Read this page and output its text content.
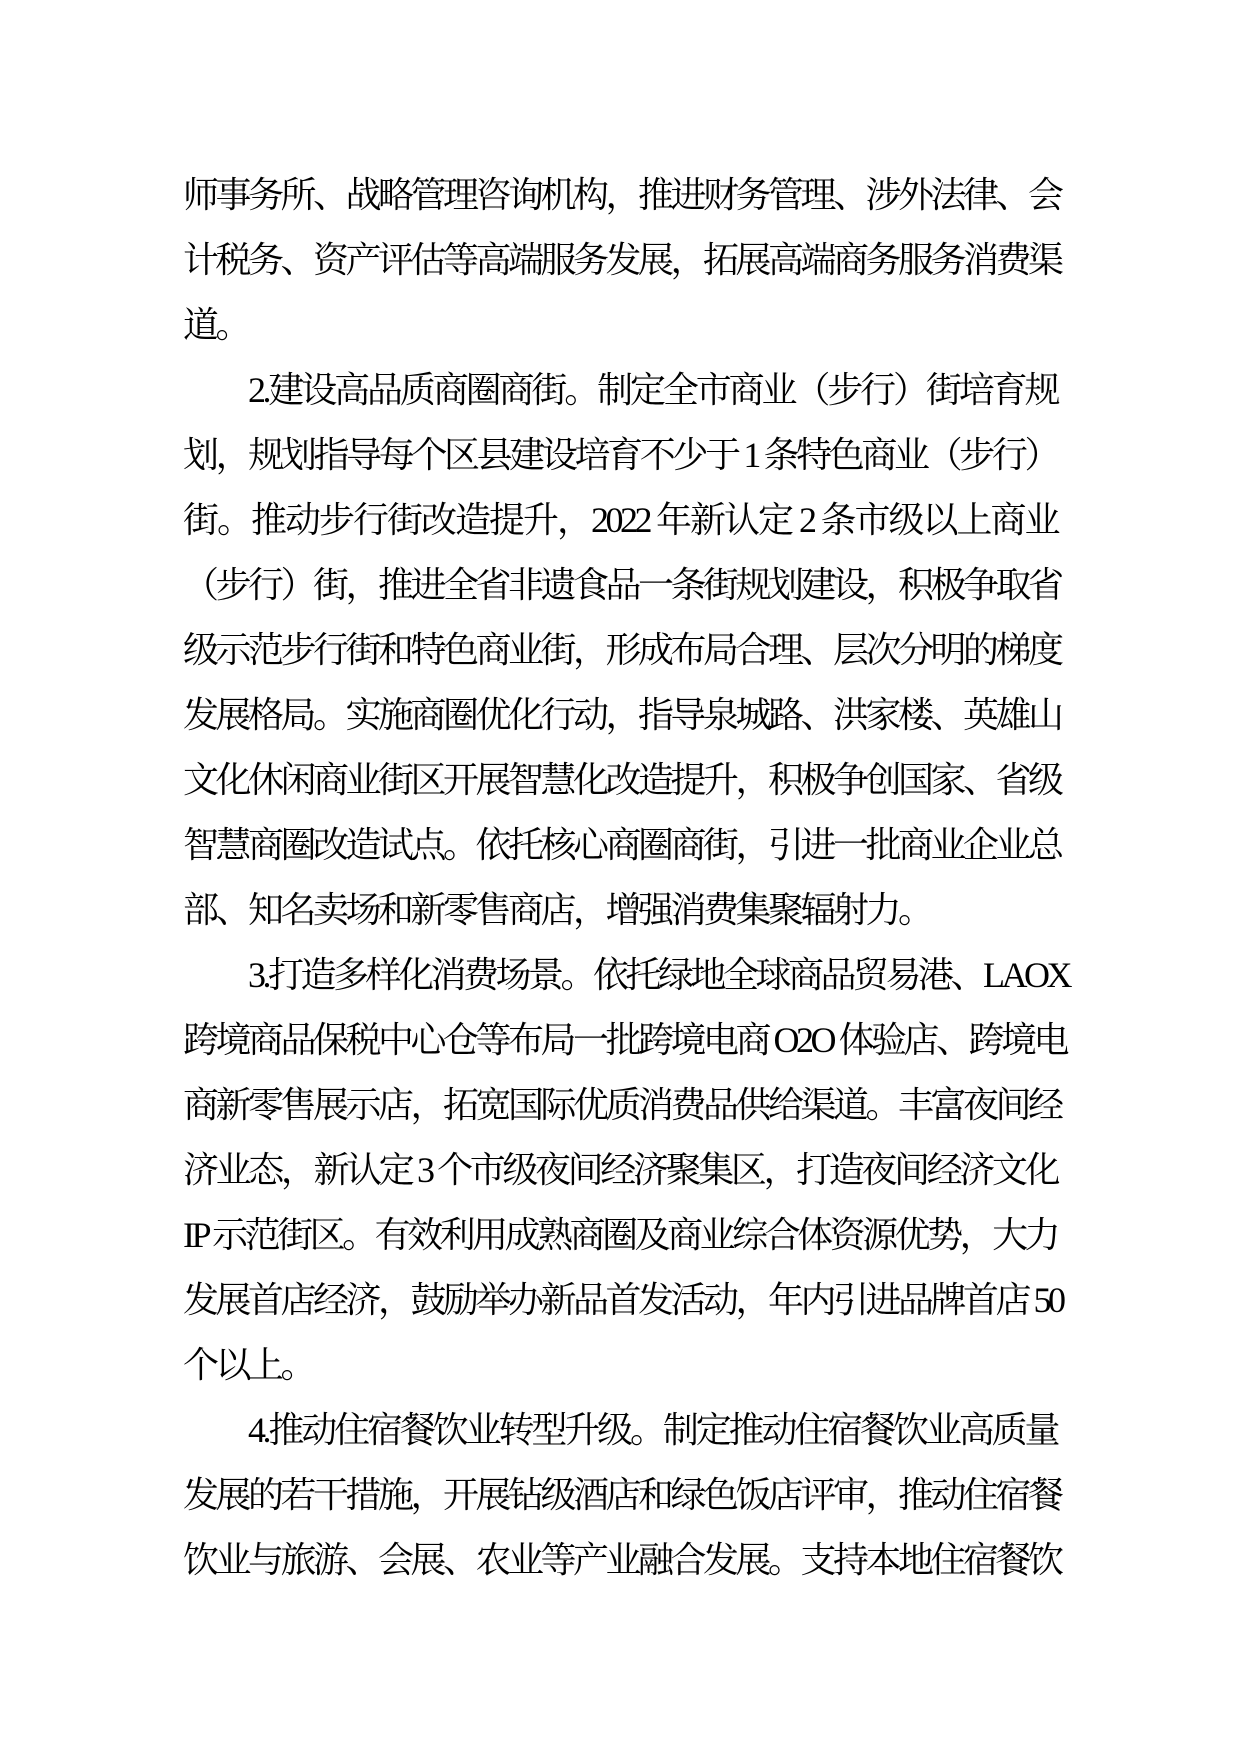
师事务所、战略管理咨询机构，推进财务管理、涉外法律、会
计税务、资产评估等高端服务发展，拓展高端商务服务消费渠
道。
2.建设高品质商圈商街。制定全市商业（步行）街培育规
划，规划指导每个区县建设培育不少于 1 条特色商业（步行）
街。推动步行街改造提升，2022 年新认定 2 条市级以上商业
（步行）街，推进全省非遗食品一条街规划建设，积极争取省
级示范步行街和特色商业街，形成布局合理、层次分明的梯度
发展格局。实施商圈优化行动，指导泉城路、洪家楼、英雄山
文化休闲商业街区开展智慧化改造提升，积极争创国家、省级
智慧商圈改造试点。依托核心商圈商街，引进一批商业企业总
部、知名卖场和新零售商店，增强消费集聚辐射力。
3.打造多样化消费场景。依托绿地全球商品贸易港、LAOX
跨境商品保税中心仓等布局一批跨境电商 O2O 体验店、跨境电
商新零售展示店，拓宽国际优质消费品供给渠道。丰富夜间经
济业态，新认定 3 个市级夜间经济聚集区，打造夜间经济文化
IP 示范街区。有效利用成熟商圈及商业综合体资源优势，大力
发展首店经济，鼓励举办新品首发活动，年内引进品牌首店 50
个以上。
4.推动住宿餐饮业转型升级。制定推动住宿餐饮业高质量
发展的若干措施，开展钻级酒店和绿色饭店评审，推动住宿餐
饮业与旅游、会展、农业等产业融合发展。支持本地住宿餐饮
